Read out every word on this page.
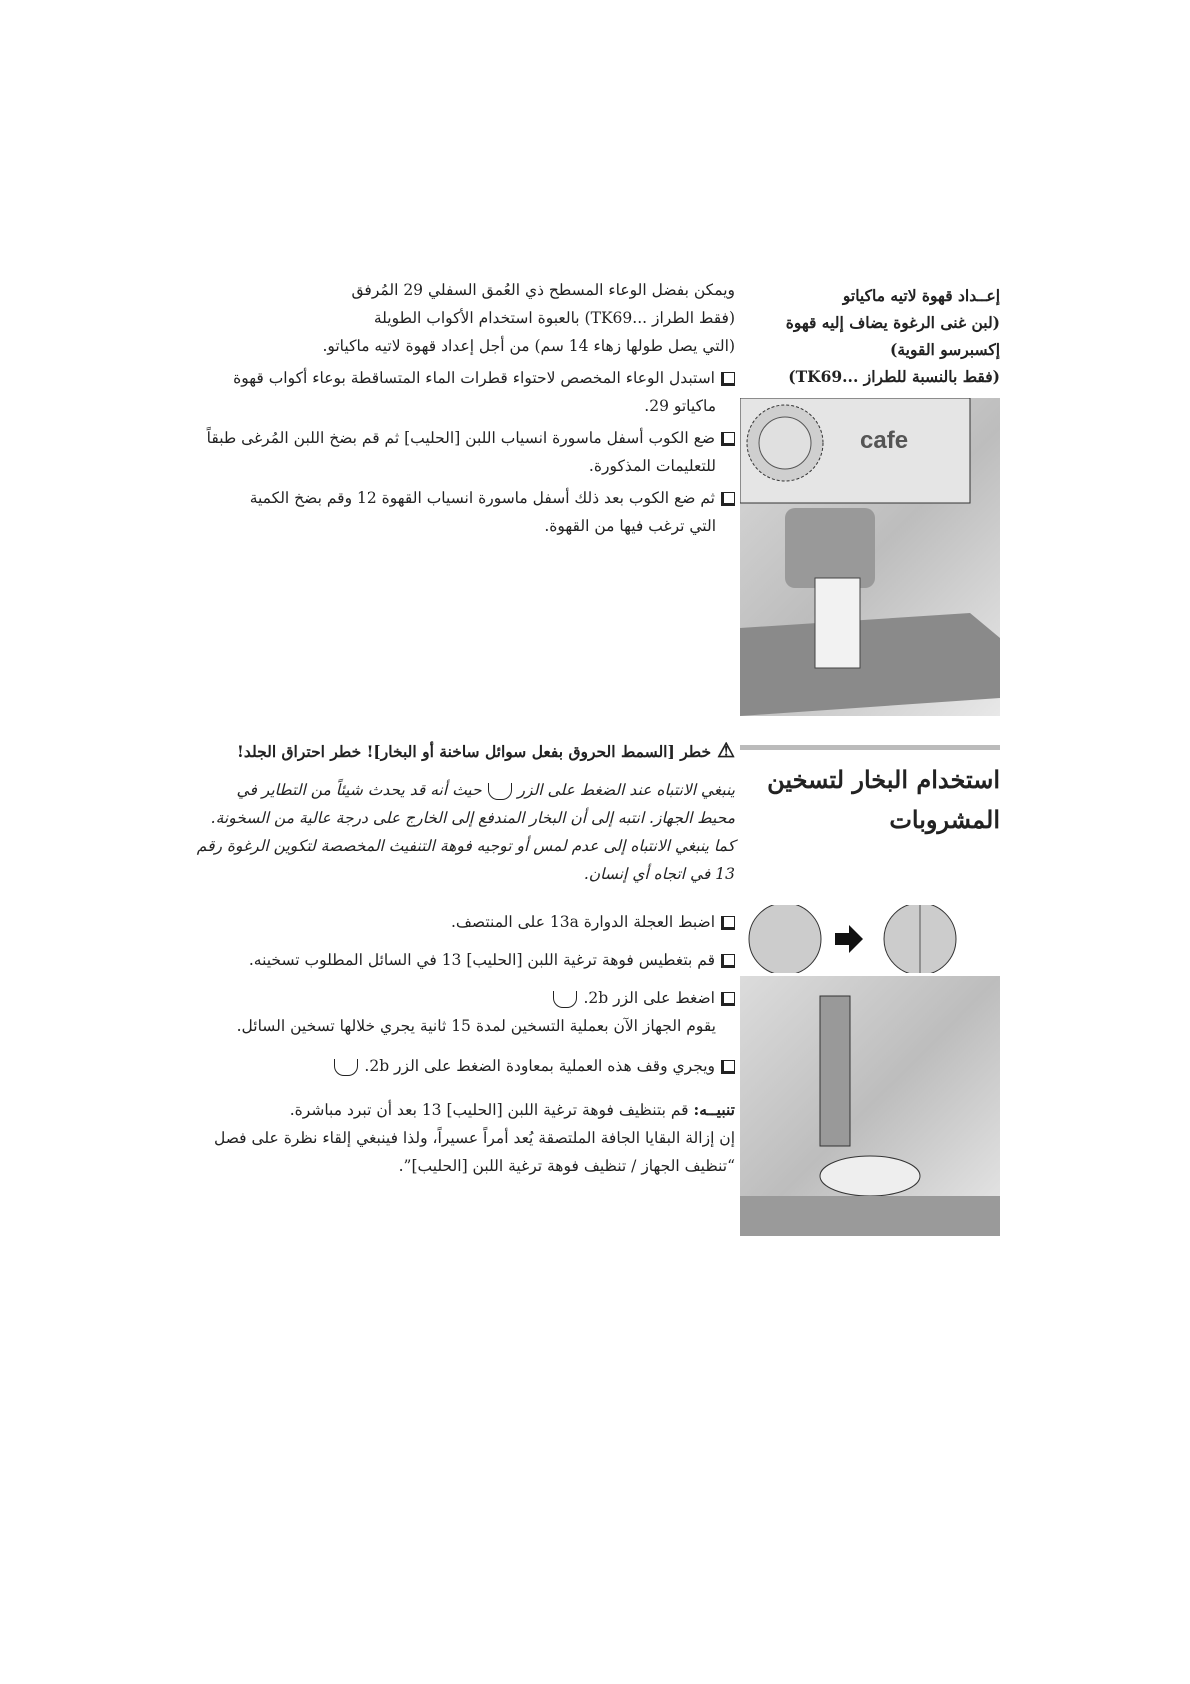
إعــداد قهوة لاتيه ماكياتو
(لبن غنى الرغوة يضاف إليه قهوة
إكسبرسو القوية)
(فقط بالنسبة للطراز ...TK69)
cafe
استخدام البخار لتسخين
المشروبات
ويمكن بفضل الوعاء المسطح ذي العُمق السفلي 29 المُرفق
(فقط الطراز ...TK69) بالعبوة استخدام الأكواب الطويلة
(التي يصل طولها زهاء 14 سم) من أجل إعداد قهوة لاتيه ماكياتو.
استبدل الوعاء المخصص لاحتواء قطرات الماء المتساقطة بوعاء أكواب قهوة
ماكياتو 29.
ضع الكوب أسفل ماسورة انسياب اللبن [الحليب] ثم قم بضخ اللبن المُرغى طبقاً
للتعليمات المذكورة.
ثم ضع الكوب بعد ذلك أسفل ماسورة انسياب القهوة 12 وقم بضخ الكمية
التي ترغب فيها من القهوة.
⚠خطر [السمط الحروق بفعل سوائل ساخنة أو البخار]! خطر احتراق الجلد!
ينبغي الانتباه عند الضغط على الزرحيث أنه قد يحدث شيئاً من التطاير في
محيط الجهاز. انتبه إلى أن البخار المندفع إلى الخارج على درجة عالية من السخونة.
كما ينبغي الانتباه إلى عدم لمس أو توجيه فوهة التنفيث المخصصة لتكوين الرغوة رقم
13 في اتجاه أي إنسان.
اضبط العجلة الدوارة 13a على المنتصف.
قم بتغطيس فوهة ترغية اللبن [الحليب] 13 في السائل المطلوب تسخينه.
اضغط على الزر 2b.
يقوم الجهاز الآن بعملية التسخين لمدة 15 ثانية يجري خلالها تسخين السائل.
ويجري وقف هذه العملية بمعاودة الضغط على الزر 2b.
تنبيــه: قم بتنظيف فوهة ترغية اللبن [الحليب] 13 بعد أن تبرد مباشرة.
إن إزالة البقايا الجافة الملتصقة يُعد أمراً عسيراً، ولذا فينبغي إلقاء نظرة على فصل
“تنظيف الجهاز / تنظيف فوهة ترغية اللبن [الحليب]”.
